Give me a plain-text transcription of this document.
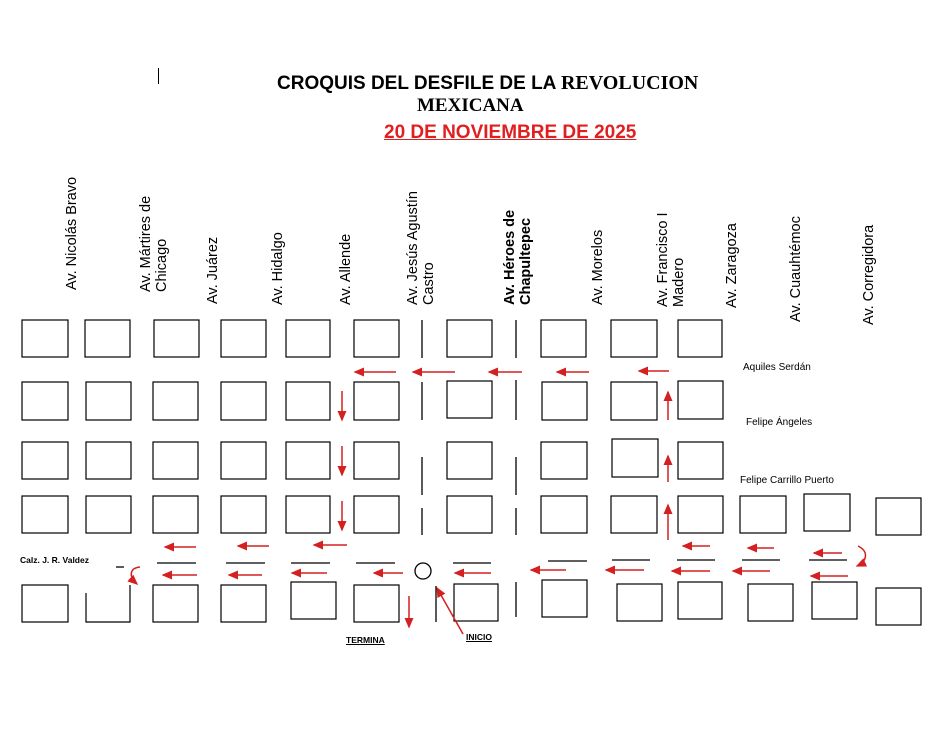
CROQUIS DEL DESFILE DE LA REVOLUCION
MEXICANA
20 DE NOVIEMBRE DE 2025
Av. Nicolás Bravo	Av. Mártires de Chicago Av. Juárez	Av. Hidalgo	Av. Allende	Av. Jesús Agustín Castro	Av. Héroes de Chapultepec	Av. Morelos	Av. Francisco I Madero	Av. Zaragoza	Av. Cuauhtémoc	Av. Corregidora
Aquiles Serdán
Felipe Ángeles
Felipe Carrillo Puerto
Calz. J. R. Valdez
TERMINA	INICIO
